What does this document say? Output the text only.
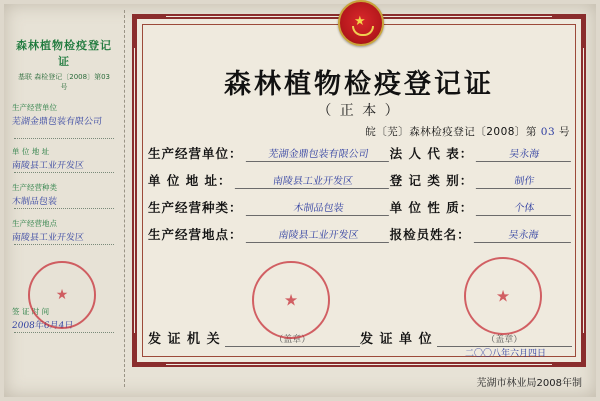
森林植物检疫登记证
基联 森检登记〔2008〕第03号
生产经营单位
芜湖金鼎包装有限公司
单 位 地 址
南陵县工业开发区
生产经营种类
木制品包装
生产经营地点
南陵县工业开发区
签 证 时 间
2008年6月4日
★
★
森林植物检疫登记证
（ 正 本 ）
皖〔芜〕森林检疫登记〔2008〕第 03 号
生产经营单位：	芜湖金鼎包装有限公司	法 人 代 表：	吴永海
单 位 地 址：	南陵县工业开发区	登 记 类 别：	制作
生产经营种类：	木制品包装	单 位 性 质：	个体
生产经营地点：	南陵县工业开发区	报检员姓名：	吴永海
发 证 机 关	（盖章）	发 证 单 位	（盖章）
二〇〇八年六月四日
★	★
芜湖市林业局2008年制
